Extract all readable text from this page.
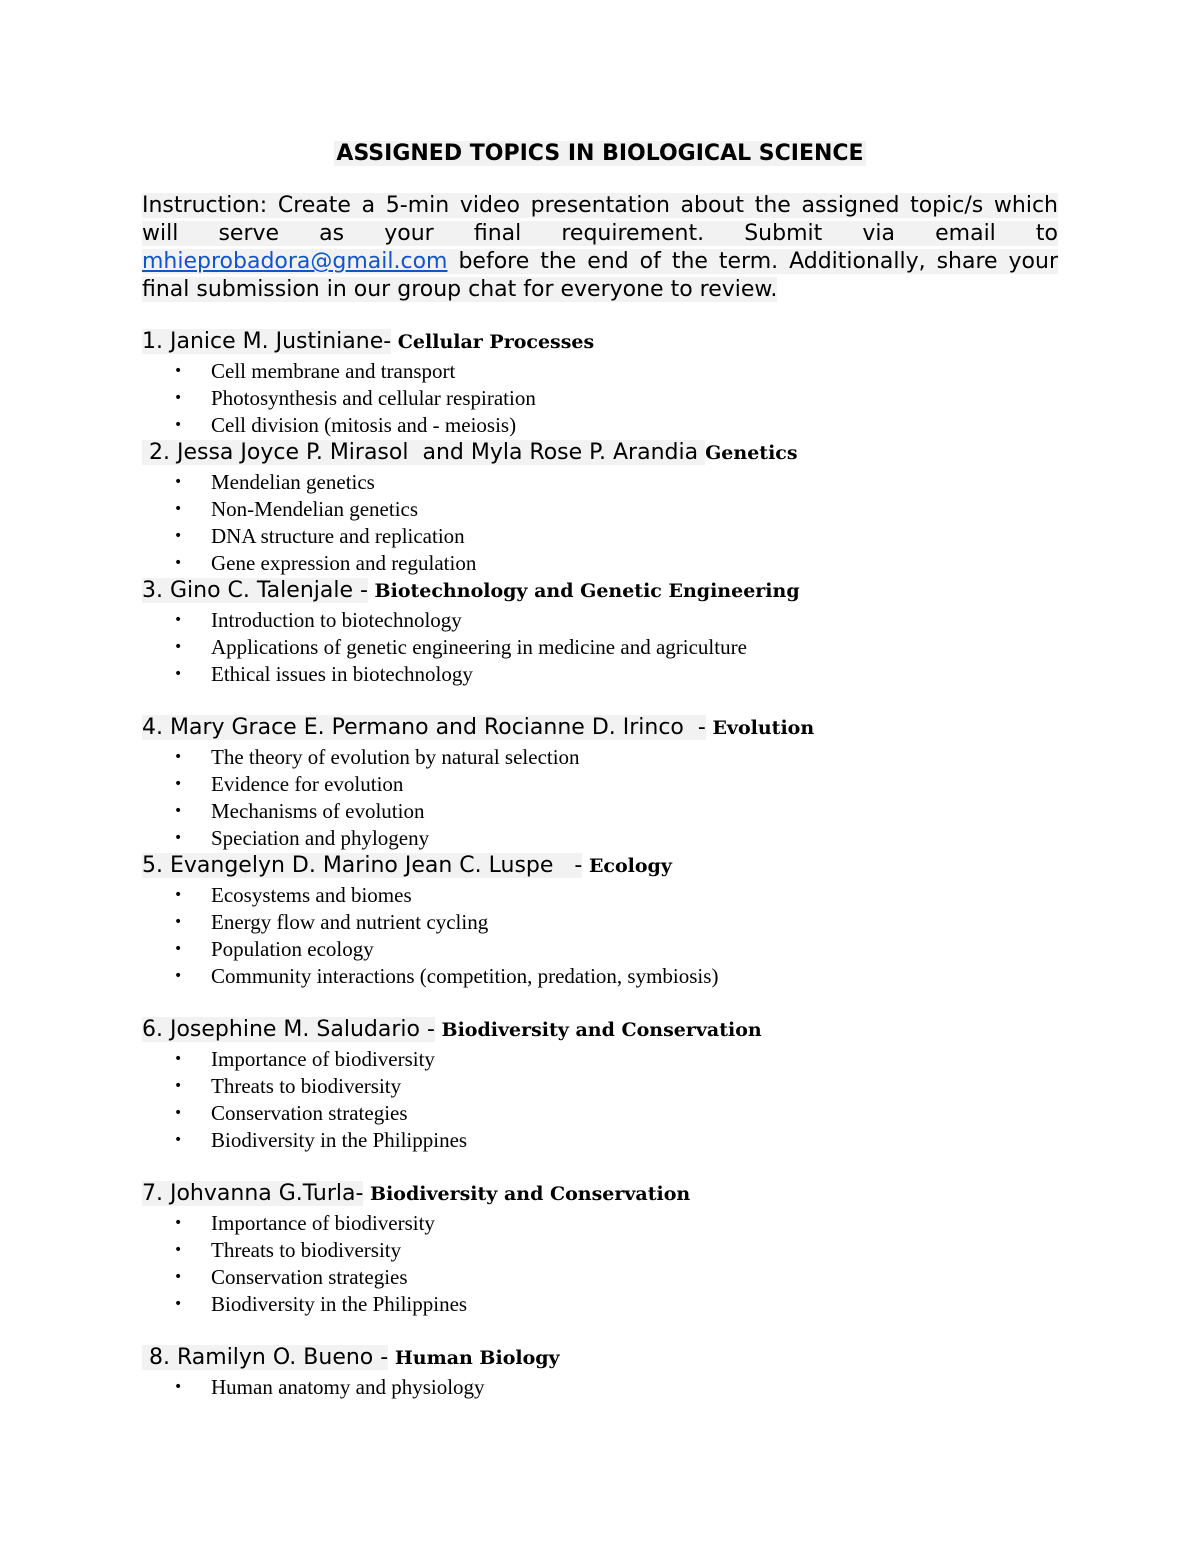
ASSIGNED TOPICS IN BIOLOGICAL SCIENCE

Instruction: Create a 5-min video presentation about the assigned topic/s which will serve as your final requirement. Submit via email to mhieprobadora@gmail.com before the end of the term. Additionally, share your final submission in our group chat for everyone to review.

1. Janice M. Justiniane- Cellular Processes
• Cell membrane and transport
• Photosynthesis and cellular respiration
• Cell division (mitosis and - meiosis)
2. Jessa Joyce P. Mirasol  and Myla Rose P. Arandia Genetics
• Mendelian genetics
• Non-Mendelian genetics
• DNA structure and replication
• Gene expression and regulation
3. Gino C. Talenjale - Biotechnology and Genetic Engineering
• Introduction to biotechnology
• Applications of genetic engineering in medicine and agriculture
• Ethical issues in biotechnology
4. Mary Grace E. Permano and Rocianne D. Irinco  - Evolution
• The theory of evolution by natural selection
• Evidence for evolution
• Mechanisms of evolution
• Speciation and phylogeny
5. Evangelyn D. Marino Jean C. Luspe   - Ecology
• Ecosystems and biomes
• Energy flow and nutrient cycling
• Population ecology
• Community interactions (competition, predation, symbiosis)
6. Josephine M. Saludario - Biodiversity and Conservation
• Importance of biodiversity
• Threats to biodiversity
• Conservation strategies
• Biodiversity in the Philippines
7. Johvanna G.Turla- Biodiversity and Conservation
• Importance of biodiversity
• Threats to biodiversity
• Conservation strategies
• Biodiversity in the Philippines
8. Ramilyn O. Bueno - Human Biology
• Human anatomy and physiology
